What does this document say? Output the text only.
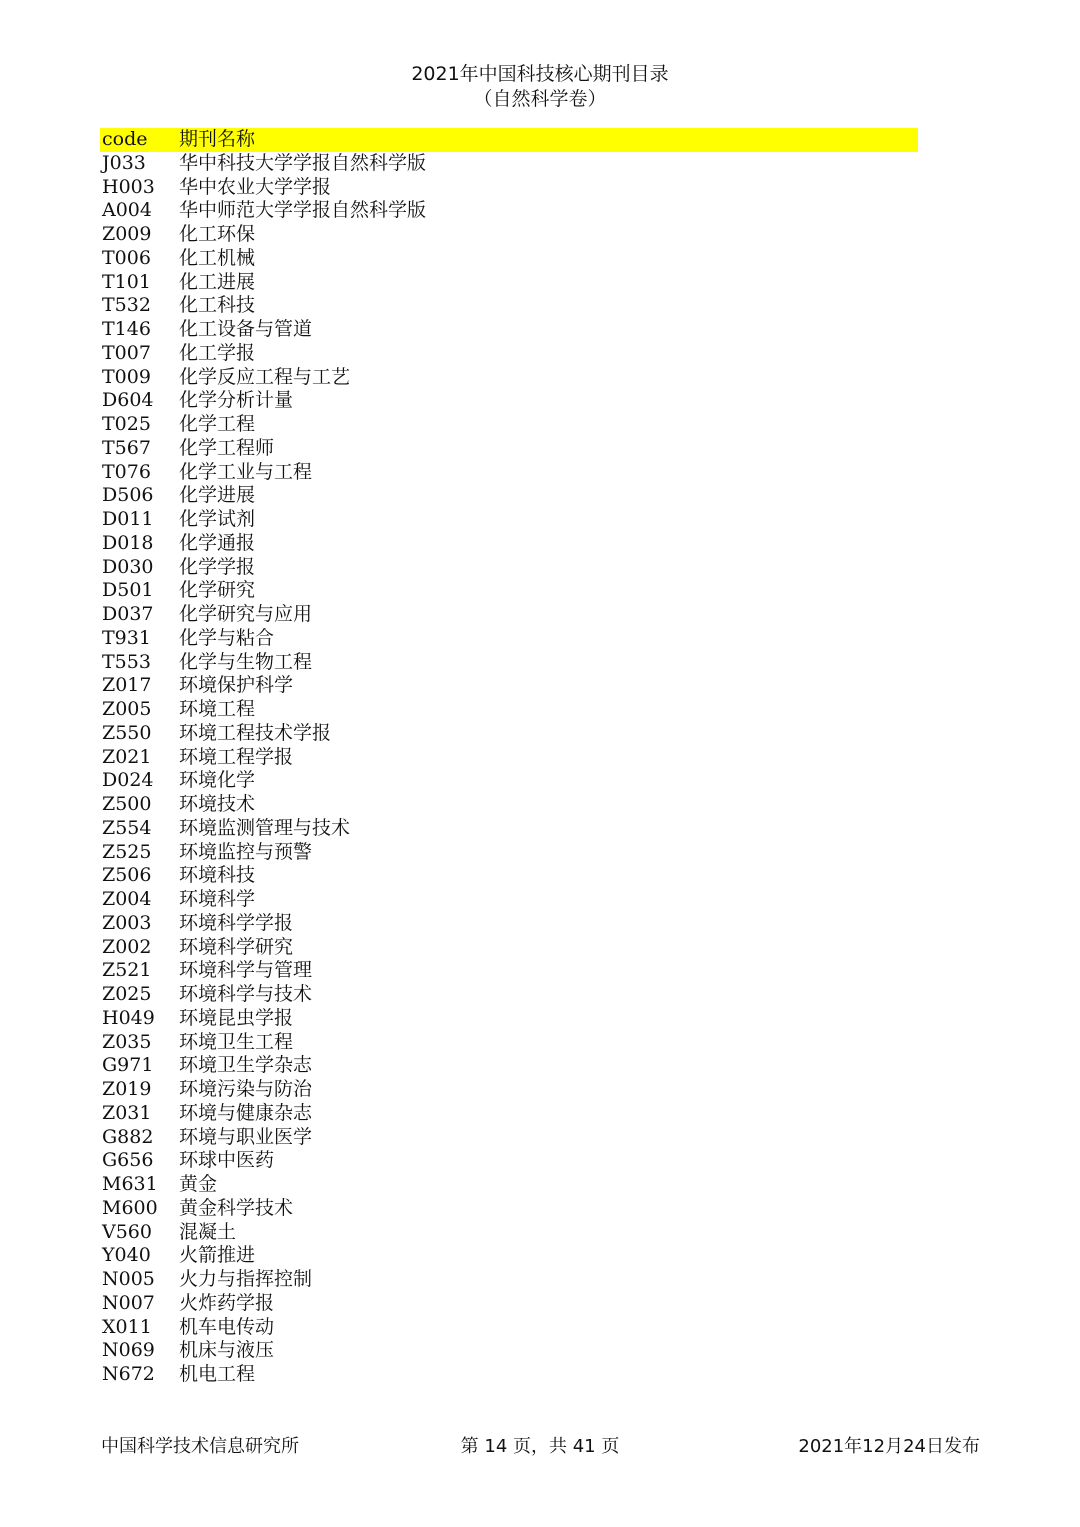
2021年中国科技核心期刊目录
（自然科学卷）
code	期刊名称
J033	华中科技大学学报自然科学版
H003	华中农业大学学报
A004	华中师范大学学报自然科学版
Z009	化工环保
T006	化工机械
T101	化工进展
T532	化工科技
T146	化工设备与管道
T007	化工学报
T009	化学反应工程与工艺
D604	化学分析计量
T025	化学工程
T567	化学工程师
T076	化学工业与工程
D506	化学进展
D011	化学试剂
D018	化学通报
D030	化学学报
D501	化学研究
D037	化学研究与应用
T931	化学与粘合
T553	化学与生物工程
Z017	环境保护科学
Z005	环境工程
Z550	环境工程技术学报
Z021	环境工程学报
D024	环境化学
Z500	环境技术
Z554	环境监测管理与技术
Z525	环境监控与预警
Z506	环境科技
Z004	环境科学
Z003	环境科学学报
Z002	环境科学研究
Z521	环境科学与管理
Z025	环境科学与技术
H049	环境昆虫学报
Z035	环境卫生工程
G971	环境卫生学杂志
Z019	环境污染与防治
Z031	环境与健康杂志
G882	环境与职业医学
G656	环球中医药
M631	黄金
M600	黄金科学技术
V560	混凝土
Y040	火箭推进
N005	火力与指挥控制
N007	火炸药学报
X011	机车电传动
N069	机床与液压
N672	机电工程
中国科学技术信息研究所	第 14 页，共 41 页	2021年12月24日发布
